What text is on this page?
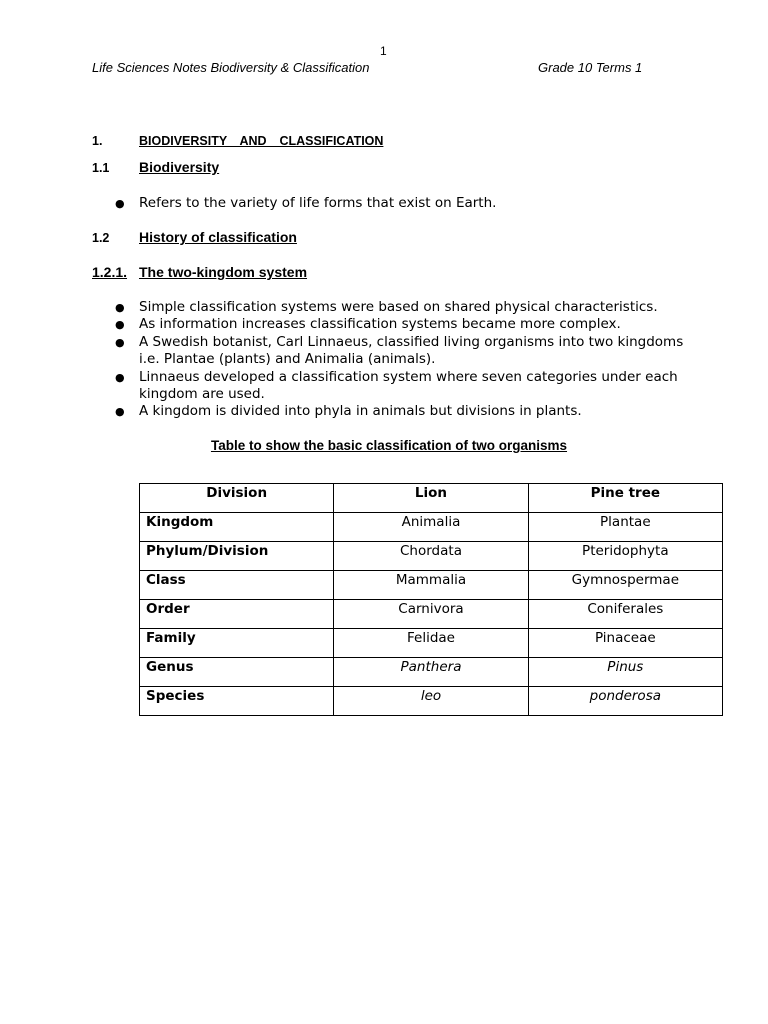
1
Life Sciences Notes Biodiversity & Classification	Grade 10 Terms 1
1.	BIODIVERSITY  AND  CLASSIFICATION
1.1 Biodiversity
● Refers to the variety of life forms that exist on Earth.
1.2 History of classification
1.2.1. The two-kingdom system
● Simple classification systems were based on shared physical characteristics.
● As information increases classification systems became more complex.
● A Swedish botanist, Carl Linnaeus, classified living organisms into two kingdoms i.e. Plantae (plants) and Animalia (animals).
● Linnaeus developed a classification system where seven categories under each kingdom are used.
● A kingdom is divided into phyla in animals but divisions in plants.
Table to show the basic classification of two organisms
Division	Lion	Pine tree
Kingdom	Animalia	Plantae
Phylum/Division	Chordata	Pteridophyta
Class	Mammalia	Gymnospermae
Order	Carnivora	Coniferales
Family	Felidae	Pinaceae
Genus	Panthera	Pinus
Species	leo	ponderosa
